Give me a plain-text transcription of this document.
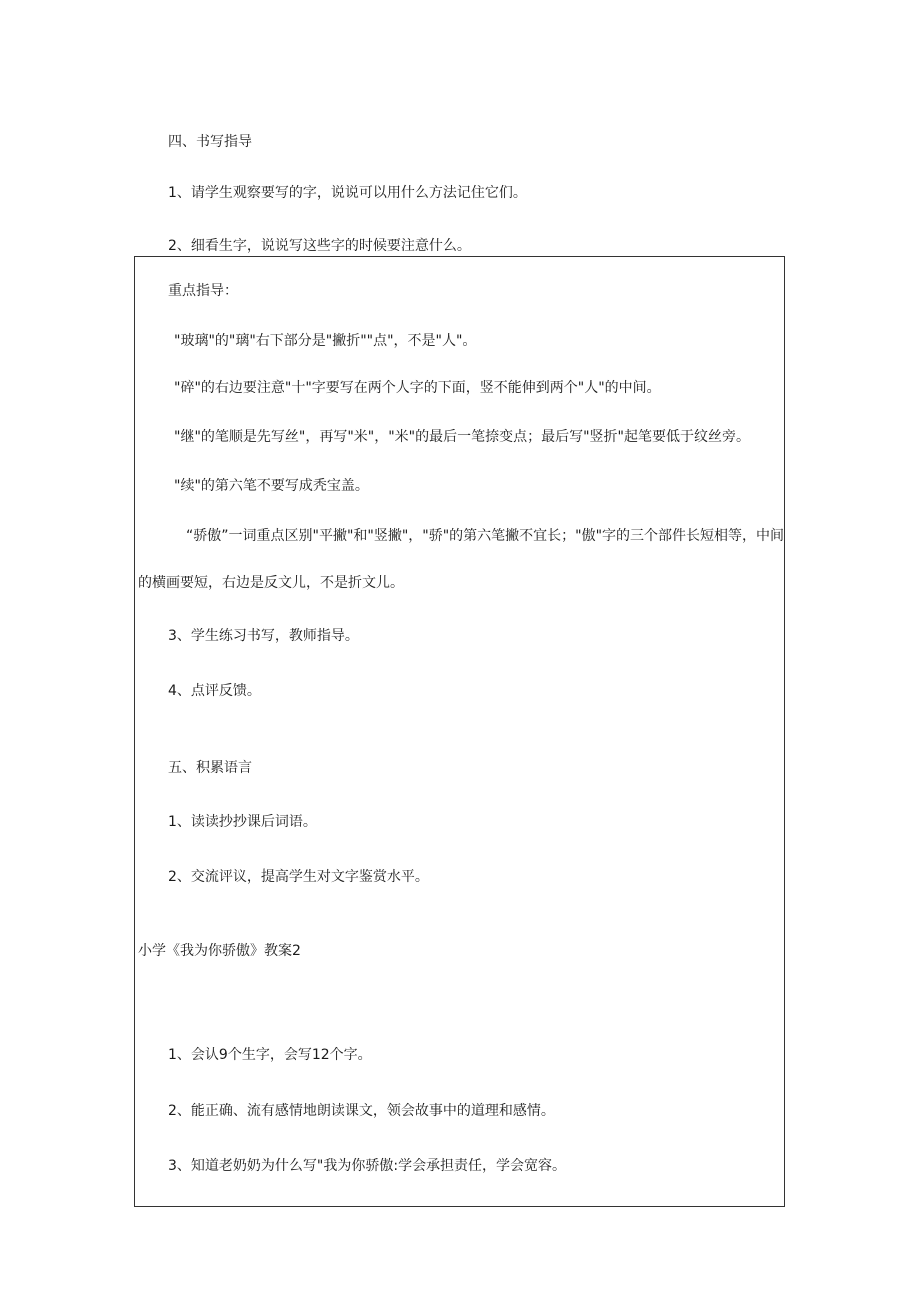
四、书写指导
1、请学生观察要写的字，说说可以用什么方法记住它们。
2、细看生字，说说写这些字的时候要注意什么。
重点指导：
"玻璃"的"璃"右下部分是"撇折""点"，不是"人"。
"碎"的右边要注意"十"字要写在两个人字的下面，竖不能伸到两个"人"的中间。
"继"的笔顺是先写丝"，再写"米"，"米"的最后一笔捺变点；最后写"竖折"起笔要低于纹丝旁。
"续"的第六笔不要写成秃宝盖。
“骄傲”一词重点区别"平撇"和"竖撇"，"骄"的第六笔撇不宜长；"傲"字的三个部件长短相等，中间
的横画要短，右边是反文儿，不是折文儿。
3、学生练习书写，教师指导。
4、点评反馈。
五、积累语言
1、读读抄抄课后词语。
2、交流评议，提高学生对文字鉴赏水平。
小学《我为你骄傲》教案2
1、会认9个生字，会写12个字。
2、能正确、流有感情地朗读课文，领会故事中的道理和感情。
3、知道老奶奶为什么写"我为你骄傲:学会承担责任，学会宽容。
